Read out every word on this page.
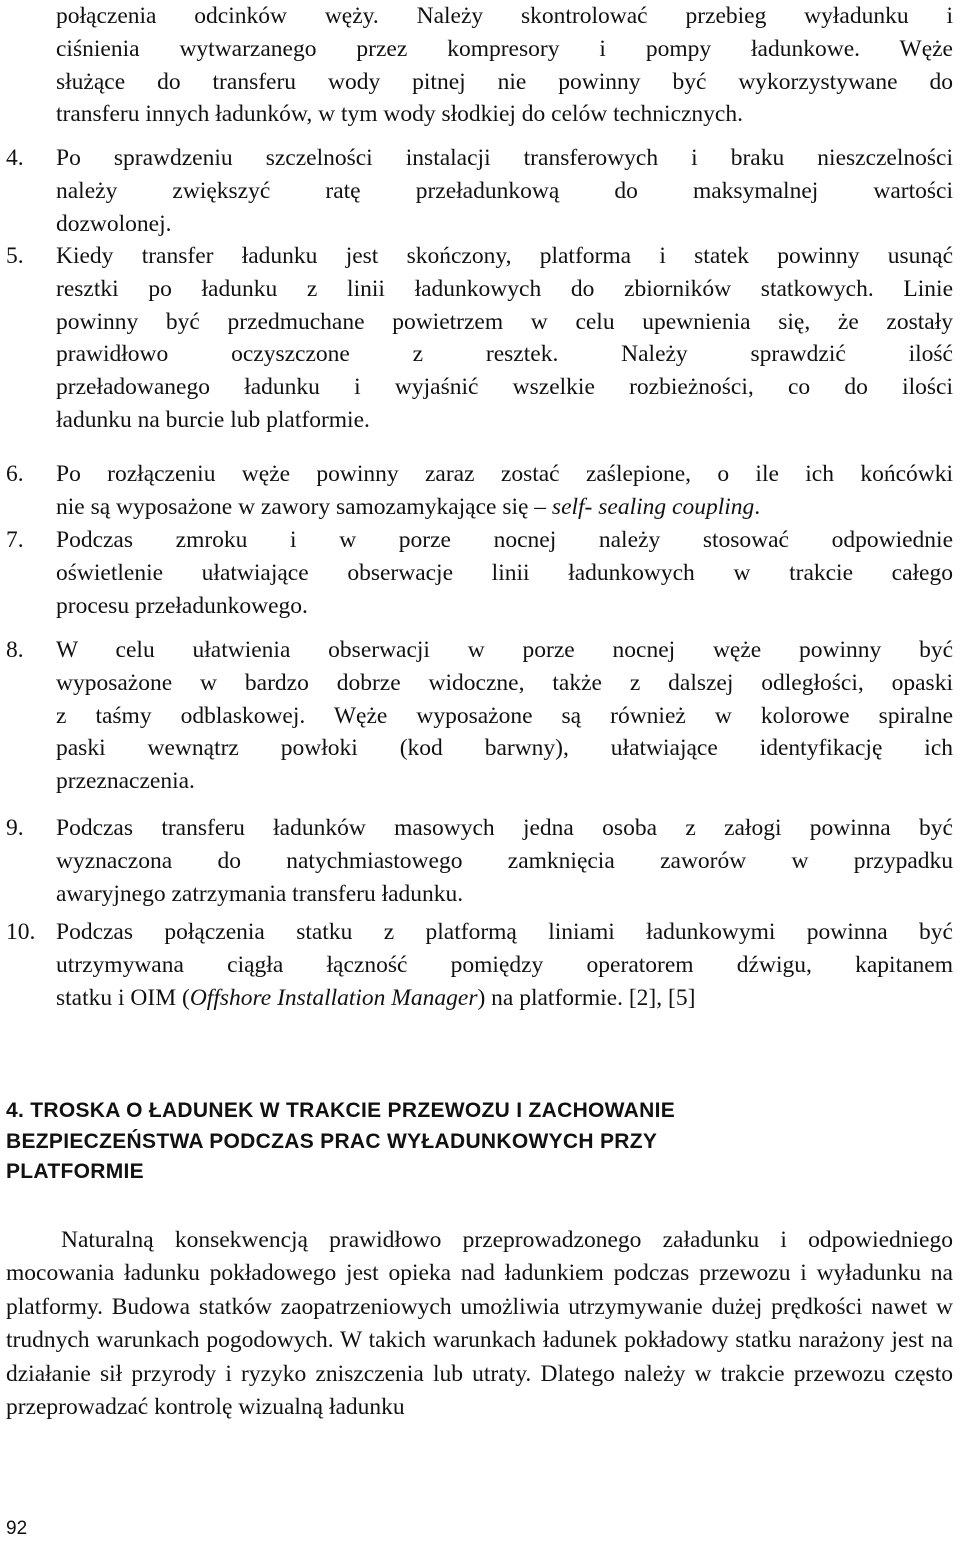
połączenia odcinków węży. Należy skontrolować przebieg wyładunku i
ciśnienia wytwarzanego przez kompresory i pompy ładunkowe. Węże
służące do transferu wody pitnej nie powinny być wykorzystywane do
transferu innych ładunków, w tym wody słodkiej do celów technicznych.
4. Po sprawdzeniu szczelności instalacji transferowych i braku nieszczelności
należy zwiększyć ratę przeładunkową do maksymalnej wartości
dozwolonej.
5. Kiedy transfer ładunku jest skończony, platforma i statek powinny usunąć
resztki po ładunku z linii ładunkowych do zbiorników statkowych. Linie
powinny być przedmuchane powietrzem w celu upewnienia się, że zostały
prawidłowo oczyszczone z resztek. Należy sprawdzić ilość
przeładowanego ładunku i wyjaśnić wszelkie rozbieżności, co do ilości
ładunku na burcie lub platformie.
6. Po rozłączeniu węże powinny zaraz zostać zaślepione, o ile ich końcówki
nie są wyposażone w zawory samozamykające się – self- sealing coupling.
7. Podczas zmroku i w porze nocnej należy stosować odpowiednie
oświetlenie ułatwiające obserwacje linii ładunkowych w trakcie całego
procesu przeładunkowego.
8. W celu ułatwienia obserwacji w porze nocnej węże powinny być
wyposażone w bardzo dobrze widoczne, także z dalszej odległości, opaski
z taśmy odblaskowej. Węże wyposażone są również w kolorowe spiralne
paski wewnątrz powłoki (kod barwny), ułatwiające identyfikację ich
przeznaczenia.
9. Podczas transferu ładunków masowych jedna osoba z załogi powinna być
wyznaczona do natychmiastowego zamknięcia zaworów w przypadku
awaryjnego zatrzymania transferu ładunku.
10. Podczas połączenia statku z platformą liniami ładunkowymi powinna być
utrzymywana ciągła łączność pomiędzy operatorem dźwigu, kapitanem
statku i OIM (Offshore Installation Manager) na platformie. [2], [5]
4. TROSKA O ŁADUNEK W TRAKCIE PRZEWOZU I ZACHOWANIE
BEZPIECZEŃSTWA PODCZAS PRAC WYŁADUNKOWYCH PRZY
PLATFORMIE
Naturalną konsekwencją prawidłowo przeprowadzonego załadunku i odpowiedniego mocowania ładunku pokładowego jest opieka nad ładunkiem podczas przewozu i wyładunku na platformy. Budowa statków zaopatrzeniowych umożliwia utrzymywanie dużej prędkości nawet w trudnych warunkach pogodowych. W takich warunkach ładunek pokładowy statku narażony jest na działanie sił przyrody i ryzyko zniszczenia lub utraty. Dlatego należy w trakcie przewozu często przeprowadzać kontrolę wizualną ładunku
92
